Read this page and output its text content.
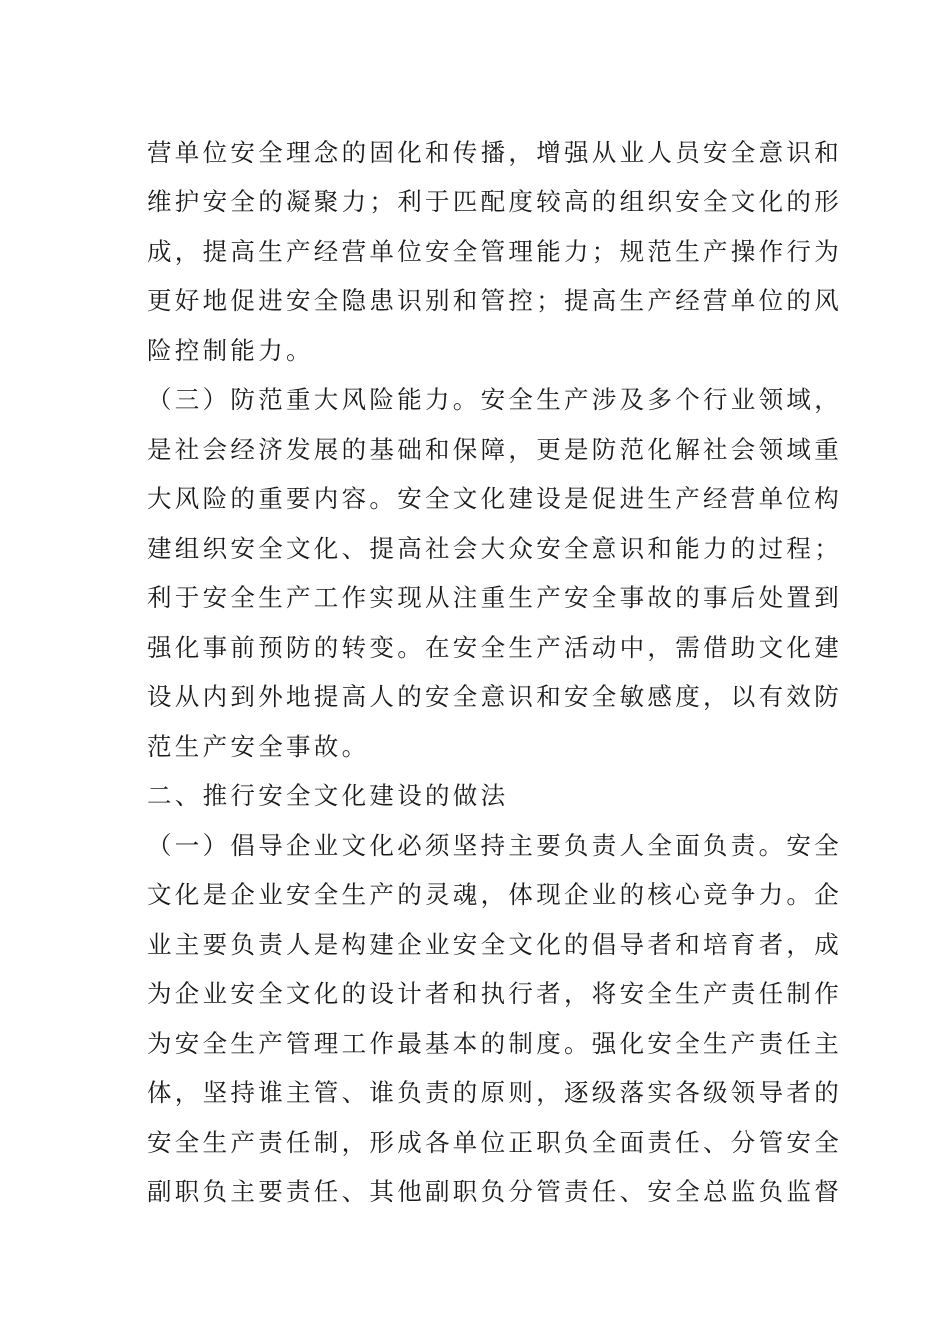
营单位安全理念的固化和传播，增强从业人员安全意识和
维护安全的凝聚力；利于匹配度较高的组织安全文化的形
成，提高生产经营单位安全管理能力；规范生产操作行为
更好地促进安全隐患识别和管控；提高生产经营单位的风
险控制能力。
（三）防范重大风险能力。安全生产涉及多个行业领域，
是社会经济发展的基础和保障，更是防范化解社会领域重
大风险的重要内容。安全文化建设是促进生产经营单位构
建组织安全文化、提高社会大众安全意识和能力的过程；
利于安全生产工作实现从注重生产安全事故的事后处置到
强化事前预防的转变。在安全生产活动中，需借助文化建
设从内到外地提高人的安全意识和安全敏感度，以有效防
范生产安全事故。
二、推行安全文化建设的做法
（一）倡导企业文化必须坚持主要负责人全面负责。安全
文化是企业安全生产的灵魂，体现企业的核心竞争力。企
业主要负责人是构建企业安全文化的倡导者和培育者，成
为企业安全文化的设计者和执行者，将安全生产责任制作
为安全生产管理工作最基本的制度。强化安全生产责任主
体，坚持谁主管、谁负责的原则，逐级落实各级领导者的
安全生产责任制，形成各单位正职负全面责任、分管安全
副职负主要责任、其他副职负分管责任、安全总监负监督
